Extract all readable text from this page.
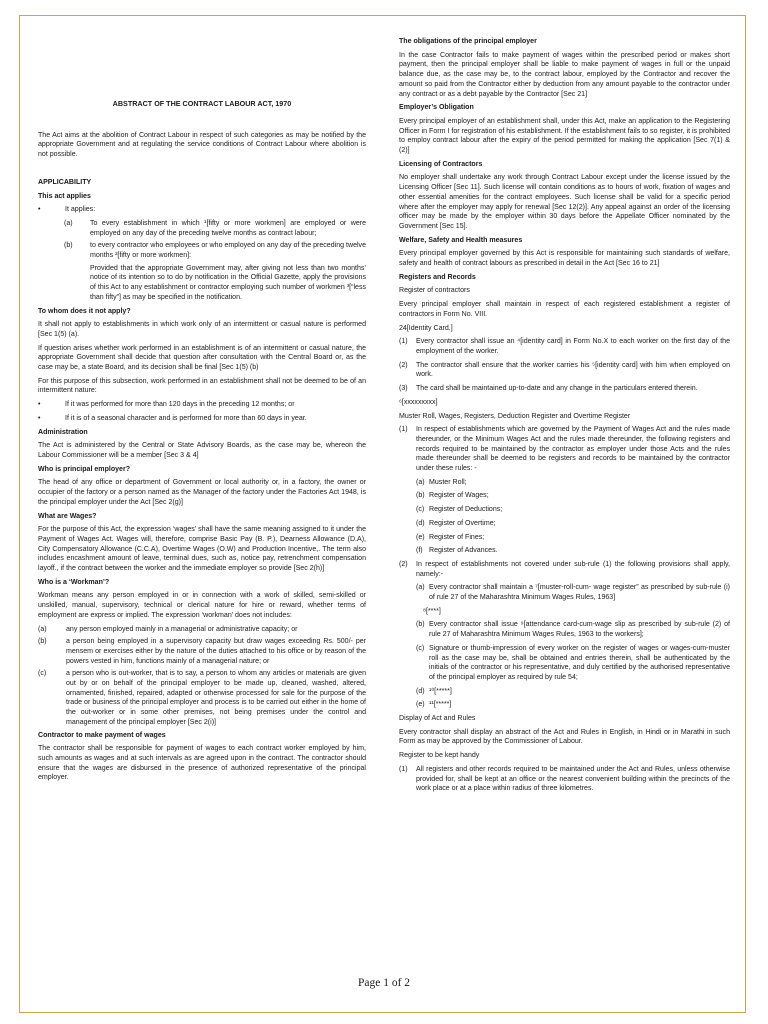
ABSTRACT OF THE CONTRACT LABOUR ACT, 1970

The Act aims at the abolition of Contract Labour in respect of such categories as may be notified by the appropriate Government and at regulating the service conditions of Contract Labour where abolition is not possible.

APPLICABILITY
This act applies
•	It applies:
(a) To every establishment in which ¹[fifty or more workmen] are employed or were employed on any day of the preceding twelve months as contract labour;
(b) to every contractor who employees or who employed on any day of the preceding twelve months ²[fifty or more workmen]:

Provided that the appropriate Government may, after giving not less than two months’ notice of its intention so to do by notification in the Official Gazette, apply the provisions of this Act to any establishment or contractor employing such number of workmen ³[“less than fifty”] as may be specified in the notification.

To whom does it not apply?

It shall not apply to establishments in which work only of an intermittent or casual nature is performed [Sec 1(5) (a).

If question arises whether work performed in an establishment is of an intermittent or casual nature, the appropriate Government shall decide that question after consultation with the Central Board or, as the case may be, a state Board, and its decision shall be final [Sec 1(5) (b)

For this purpose of this subsection, work performed in an establishment shall not be deemed to be of an intermittent nature:

•	If it was performed for more than 120 days in the preceding 12 months; or
•	If it is of a seasonal character and is performed for more than 60 days in year.
Administration

The Act is administered by the Central or State Advisory Boards, as the case may be, whereon the Labour Commissioner will be a member [Sec 3 & 4]

Who is principal employer?

The head of any office or department of Government or local authority or, in a factory, the owner or occupier of the factory or a person named as the Manager of the factory under the Factories Act 1948, is the principal employer under the Act [Sec 2(g)]

What are Wages?

For the purpose of this Act, the expression ‘wages’ shall have the same meaning assigned to it under the Payment of Wages Act. Wages will, therefore, comprise Basic Pay (B. P.), Dearness Allowance (D.A), City Compensatory Allowance (C.C.A), Overtime Wages (O.W) and Production Incentive,. The term also includes encashment amount of leave, terminal dues, such as, notice pay, retrenchment compensation layoff., if the contract between the worker and the immediate employer so provide [Sec 2(h)]

Who is a ‘Workman’?

Workman means any person employed in or in connection with a work of skilled, semi-skilled or unskilled, manual, supervisory, technical or clerical nature for hire or reward, whether terms of employment are express or implied. The expression ‘workman’ does not includes:

(a)	any person employed mainly in a managerial or administrative capacity; or
(b)	a person being employed in a supervisory capacity but draw wages exceeding Rs. 500/- per mensem or exercises either by the nature of the duties attached to his office or by reason of the powers vested in him, functions mainly of a managerial nature; or
(c)	a person who is out-worker, that is to say, a person to whom any articles or materials are given out by or on behalf of the principal employer to be made up, cleaned, washed, altered, ornamented, finished, repaired, adapted or otherwise processed for sale for the purpose of the trade or business of the principal employer and process is to be carried out either in the home of the out-worker or in some other premises, not being premises under the control and management of the principal employer [Sec 2(i)]
Contractor to make payment of wages

The contractor shall be responsible for payment of wages to each contract worker employed by him, such amounts as wages and at such intervals as are agreed upon in the contract. The contractor should ensure that the wages are disbursed in the presence of authorized representative of the principal employer.

The obligations of the principal employer

In the case Contractor fails to make payment of wages within the prescribed period or makes short payment, then the principal employer shall be liable to make payment of wages in full or the unpaid balance due, as the case may be, to the contract labour, employed by the Contractor and recover the amount so paid from the Contractor either by deduction from any amount payable to the contractor under any contract or as a debt payable by the Contractor [Sec 21]

Employer’s Obligation

Every principal employer of an establishment shall, under this Act, make an application to the Registering Officer in Form I for registration of his establishment. If the establishment fails to so register, it is prohibited to employ contract labour after the expiry of the period permitted for making the application [Sec 7(1) & (2)]

Licensing of Contractors

No employer shall undertake any work through Contract Labour except under the license issued by the Licensing Officer [Sec 11]. Such license will contain conditions as to hours of work, fixation of wages and other essential amenities for the contract employees. Such license shall be valid for a specific period where after the employer may apply for renewal [Sec 12(2)]. Any appeal against an order of the licensing officer may be made by the employer within 30 days before the Appellate Officer nominated by the Government [Sec 15].

Welfare, Safety and Health measures

Every principal employer governed by this Act is responsible for maintaining such standards of welfare, safety and health of contract labours as prescribed in detail in the Act [Sec 16 to 21]

Registers and Records

Register of contractors

Every principal employer shall maintain in respect of each registered establishment a register of contractors in Form No. VIII.

24[Identity Card.]

(1) Every contractor shall issue an ⁴[identity card] in Form No.X to each worker on the first day of the employment of the worker.
(2) The contractor shall ensure that the worker carries his ⁵[identity card] with him when employed on work.
(3) The card shall be maintained up-to-date and any change in the particulars entered therein.

⁶[xxxxxxxxx]

Muster Roll, Wages, Registers, Deduction Register and Overtime Register

(1) In respect of establishments which are governed by the Payment of Wages Act and the rules made thereunder, or the Minimum Wages Act and the rules made thereunder, the following registers and records required to be maintained by the contractor as employer under those Acts and the rules made thereunder shall be deemed to be registers and records to be maintained by the contractor under these rules: -
(a) Muster Roll;
(b) Register of Wages;
(c) Register of Deductions;
(d) Register of Overtime;
(e) Register of Fines;
(f) Register of Advances.
(2) In respect of establishments not covered under sub-rule (1) the following provisions shall apply, namely:-
(a) Every contractor shall maintain a ⁷[muster-roll-cum- wage register” as prescribed by sub-rule (i) of rule 27 of the Maharashtra Minimum Wages Rules, 1963]

⁸[****]

(b) Every contractor shall issue ⁹[attendance card-cum-wage slip as prescribed by sub-rule (2) of rule 27 of Maharashtra Minimum Wages Rules, 1963 to the workers];
(c) Signature or thumb-impression of every worker on the register of wages or wages-cum-muster roll as the case may be, shall be obtained and entries therein, shall be authenticated by the initials of the contractor or his representative, and duly certified by the authorised representative of the principal employer as required by rule 54;
(d) ¹⁰[*****]
(e) ¹¹[*****]

Display of Act and Rules

Every contractor shall display an abstract of the Act and Rules in English, in Hindi or in Marathi in such Form as may be approved by the Commissioner of Labour.

Register to be kept handy

(1) All registers and other records required to be maintained under the Act and Rules, unless otherwise provided for, shall be kept at an office or the nearest convenient building within the precincts of the work place or at a place within radius of three kilometres.
Page 1 of 2
